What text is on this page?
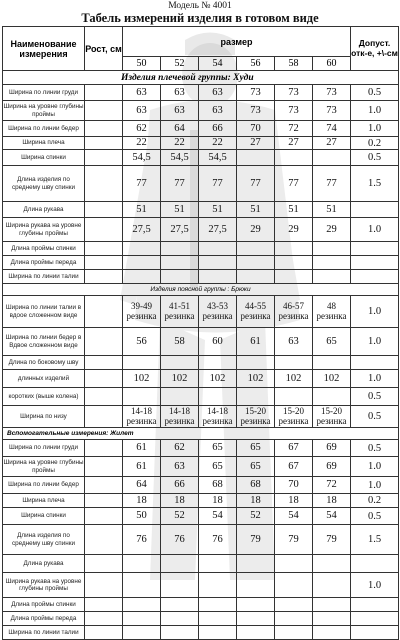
Модель № 4001
Табель измерений изделия в готовом виде
Наименование измерения	Рост, см	размер						Допуст. отк-е, +\-см
		50	52	54	56	58	60	
Изделия плечевой группы: Худи								
Ширина по линии груди		63	63	63	73	73	73	0.5
Ширина на уровне глубины проймы		63	63	63	73	73	73	1.0
Ширина по линии бедер		62	64	66	70	72	74	1.0
Ширина плеча		22	22	22	27	27	27	0.2
Ширина спинки		54,5	54,5	54,5				0.5
Длина изделия по среднему шву спинки		77	77	77	77	77	77	1.5
Длина рукава		51	51	51	51	51	51	
Ширина рукава на уровне глубины проймы		27,5	27,5	27,5	29	29	29	1.0
Длина проймы спинки								
Длина проймы переда								
Ширина по линии талии								
Изделия поясной группы : Брюки								
Ширина по линии талии в вдоое сложенном виде		39-49 резинка	41-51 резинка	43-53 резинка	44-55 резинка	46-57 резинка	48 резинка	1.0
Ширина по линии бедер в Вдвое сложенном виде		56	58	60	61	63	65	1.0
Длина по боковому шву								
длинных изделий		102	102	102	102	102	102	1.0
коротких (выше колена)								0.5
Ширина по низу		14-18 резинка	14-18 резинка	14-18 резинка	15-20 резинка	15-20 резинка	15-20 резинка	0.5
Вспомогательные измерения: Жилет								
Ширина по линии груди		61	62	65	65	67	69	0.5
Ширина на уровне глубины проймы		61	63	65	65	67	69	1.0
Ширина по линии бедер		64	66	68	68	70	72	1.0
Ширина плеча		18	18	18	18	18	18	0.2
Ширина спинки		50	52	54	52	54	54	0.5
Длина изделия по среднему шву спинки		76	76	76	79	79	79	1.5
Длина рукава								
Ширина рукава на уровне глубины проймы								1.0
Длина проймы спинки								
Длина проймы переда								
Ширина по линии талии								
